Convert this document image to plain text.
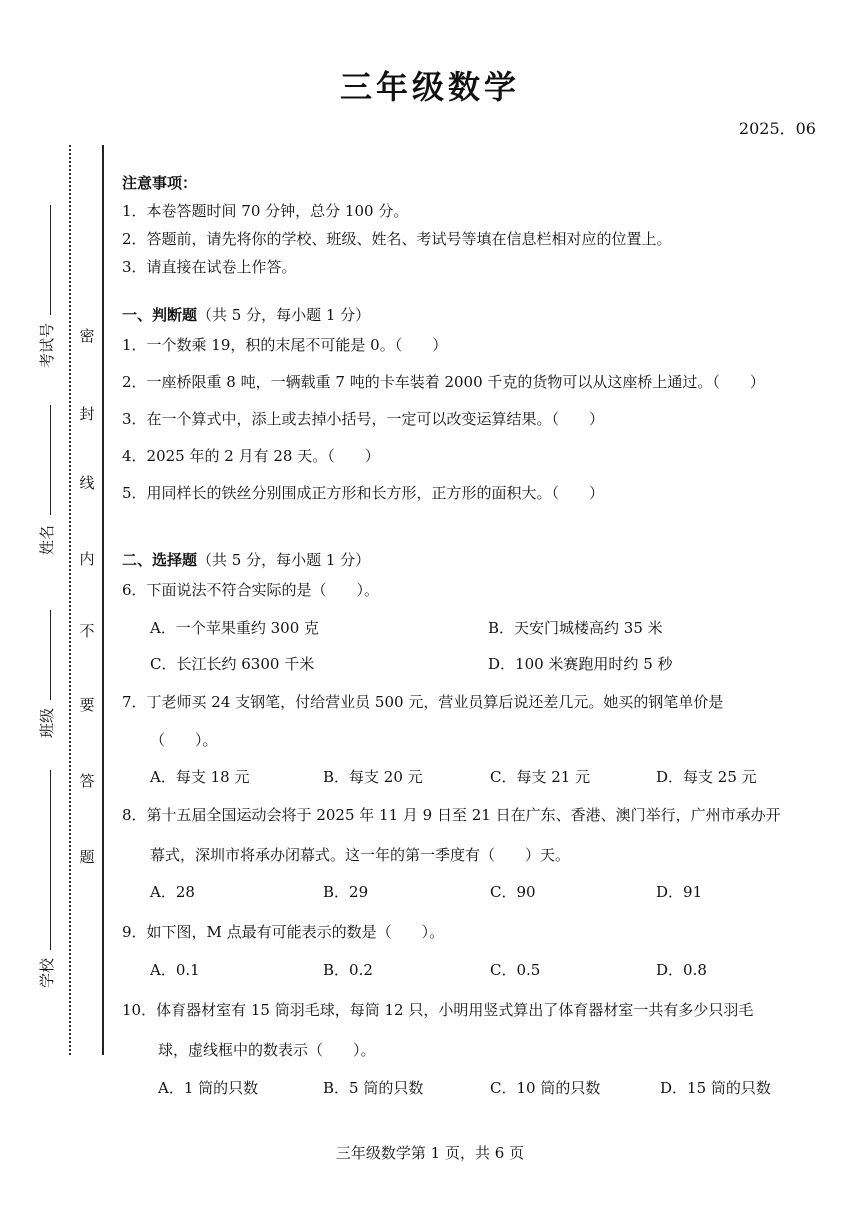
三年级数学
2025．06
密
封
线
内
不
要
答
题
考试号
姓名
班级
学校
注意事项：
1．本卷答题时间 70 分钟，总分 100 分。
2．答题前，请先将你的学校、班级、姓名、考试号等填在信息栏相对应的位置上。
3．请直接在试卷上作答。
一、判断题（共 5 分，每小题 1 分）
1．一个数乘 19，积的末尾不可能是 0。（　　）
2．一座桥限重 8 吨，一辆载重 7 吨的卡车装着 2000 千克的货物可以从这座桥上通过。（　　）
3．在一个算式中，添上或去掉小括号，一定可以改变运算结果。（　　）
4．2025 年的 2 月有 28 天。（　　）
5．用同样长的铁丝分别围成正方形和长方形，正方形的面积大。（　　）
二、选择题（共 5 分，每小题 1 分）
6．下面说法不符合实际的是（　　）。
A．一个苹果重约 300 克	B．天安门城楼高约 35 米
C．长江长约 6300 千米	D．100 米赛跑用时约 5 秒
7．丁老师买 24 支钢笔，付给营业员 500 元，营业员算后说还差几元。她买的钢笔单价是
（　　）。
A．每支 18 元	B．每支 20 元	C．每支 21 元	D．每支 25 元
8．第十五届全国运动会将于 2025 年 11 月 9 日至 21 日在广东、香港、澳门举行，广州市承办开
幕式，深圳市将承办闭幕式。这一年的第一季度有（　　）天。
A．28	B．29	C．90	D．91
9．如下图，M 点最有可能表示的数是（　　）。
A．0.1	B．0.2	C．0.5	D．0.8
10．体育器材室有 15 筒羽毛球，每筒 12 只，小明用竖式算出了体育器材室一共有多少只羽毛
球，虚线框中的数表示（　　）。
A．1 筒的只数	B．5 筒的只数	C．10 筒的只数	D．15 筒的只数
三年级数学第 1 页，共 6 页
